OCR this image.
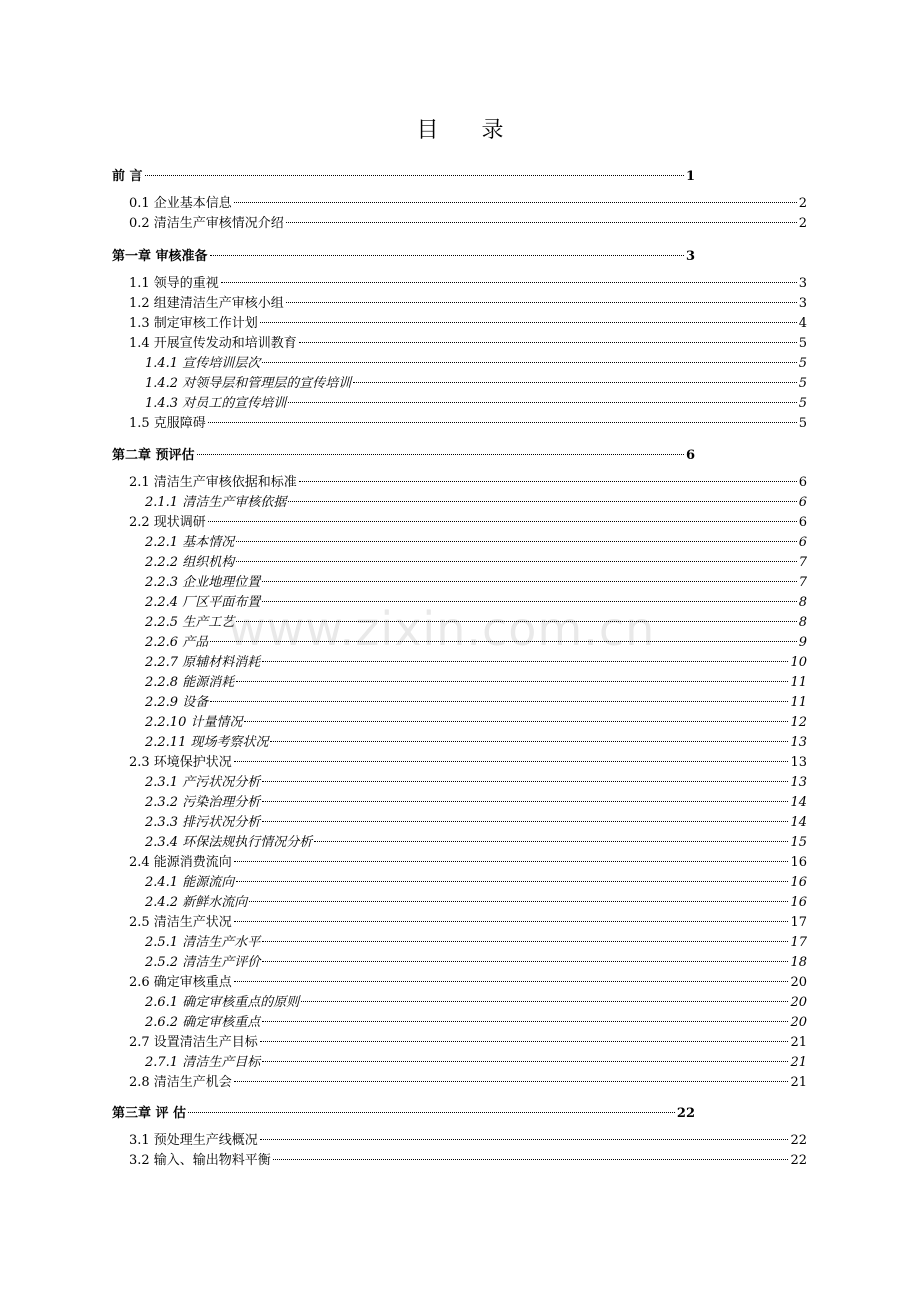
目 录
www.zixin.com.cn
前 言	1
0.1 企业基本信息	2
0.2 清洁生产审核情况介绍	2
第一章 审核准备	3
1.1 领导的重视	3
1.2 组建清洁生产审核小组	3
1.3 制定审核工作计划	4
1.4 开展宣传发动和培训教育	5
1.4.1 宣传培训层次	5
1.4.2 对领导层和管理层的宣传培训	5
1.4.3 对员工的宣传培训	5
1.5 克服障碍	5
第二章 预评估	6
2.1 清洁生产审核依据和标准	6
2.1.1 清洁生产审核依据	6
2.2 现状调研	6
2.2.1 基本情况	6
2.2.2 组织机构	7
2.2.3 企业地理位置	7
2.2.4 厂区平面布置	8
2.2.5 生产工艺	8
2.2.6 产品	9
2.2.7 原辅材料消耗	10
2.2.8 能源消耗	11
2.2.9 设备	11
2.2.10 计量情况	12
2.2.11 现场考察状况	13
2.3 环境保护状况	13
2.3.1 产污状况分析	13
2.3.2 污染治理分析	14
2.3.3 排污状况分析	14
2.3.4 环保法规执行情况分析	15
2.4 能源消费流向	16
2.4.1 能源流向	16
2.4.2 新鲜水流向	16
2.5 清洁生产状况	17
2.5.1 清洁生产水平	17
2.5.2 清洁生产评价	18
2.6 确定审核重点	20
2.6.1 确定审核重点的原则	20
2.6.2 确定审核重点	20
2.7 设置清洁生产目标	21
2.7.1 清洁生产目标	21
2.8 清洁生产机会	21
第三章 评 估	22
3.1 预处理生产线概况	22
3.2 输入、输出物料平衡	22
